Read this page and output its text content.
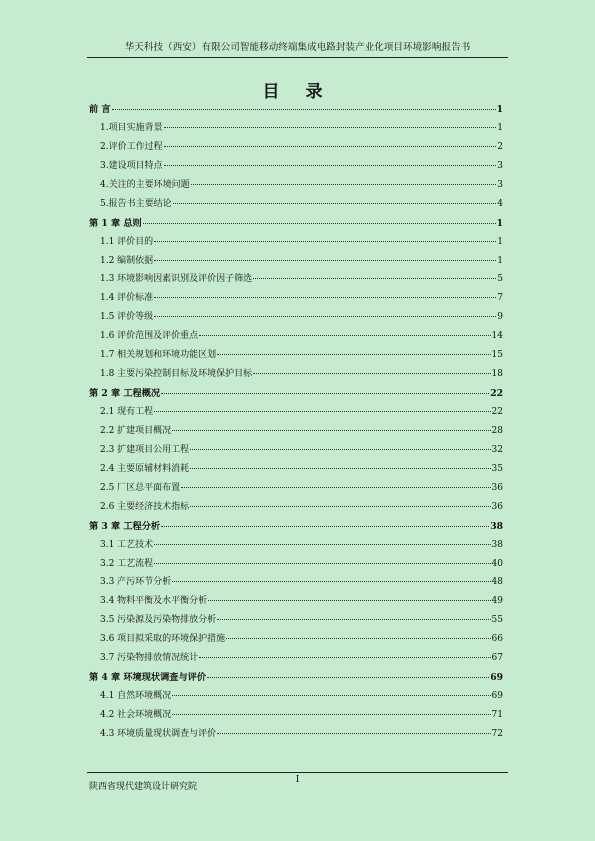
华天科技（西安）有限公司智能移动终端集成电路封装产业化项目环境影响报告书
目 录
前 言	1
1.项目实施背景	1
2.评价工作过程	2
3.建设项目特点	3
4.关注的主要环境问题	3
5.报告书主要结论	4
第 1 章 总则	1
1.1 评价目的	1
1.2 编制依据	1
1.3 环境影响因素识别及评价因子筛选	5
1.4 评价标准	7
1.5 评价等级	9
1.6 评价范围及评价重点	14
1.7 相关规划和环境功能区划	15
1.8 主要污染控制目标及环境保护目标	18
第 2 章 工程概况	22
2.1 现有工程	22
2.2 扩建项目概况	28
2.3 扩建项目公用工程	32
2.4 主要原辅材料消耗	35
2.5 厂区总平面布置	36
2.6 主要经济技术指标	36
第 3 章 工程分析	38
3.1 工艺技术	38
3.2 工艺流程	40
3.3 产污环节分析	48
3.4 物料平衡及水平衡分析	49
3.5 污染源及污染物排放分析	55
3.6 项目拟采取的环境保护措施	66
3.7 污染物排放情况统计	67
第 4 章 环境现状调查与评价	69
4.1 自然环境概况	69
4.2 社会环境概况	71
4.3 环境质量现状调查与评价	72
I
陕西省现代建筑设计研究院
